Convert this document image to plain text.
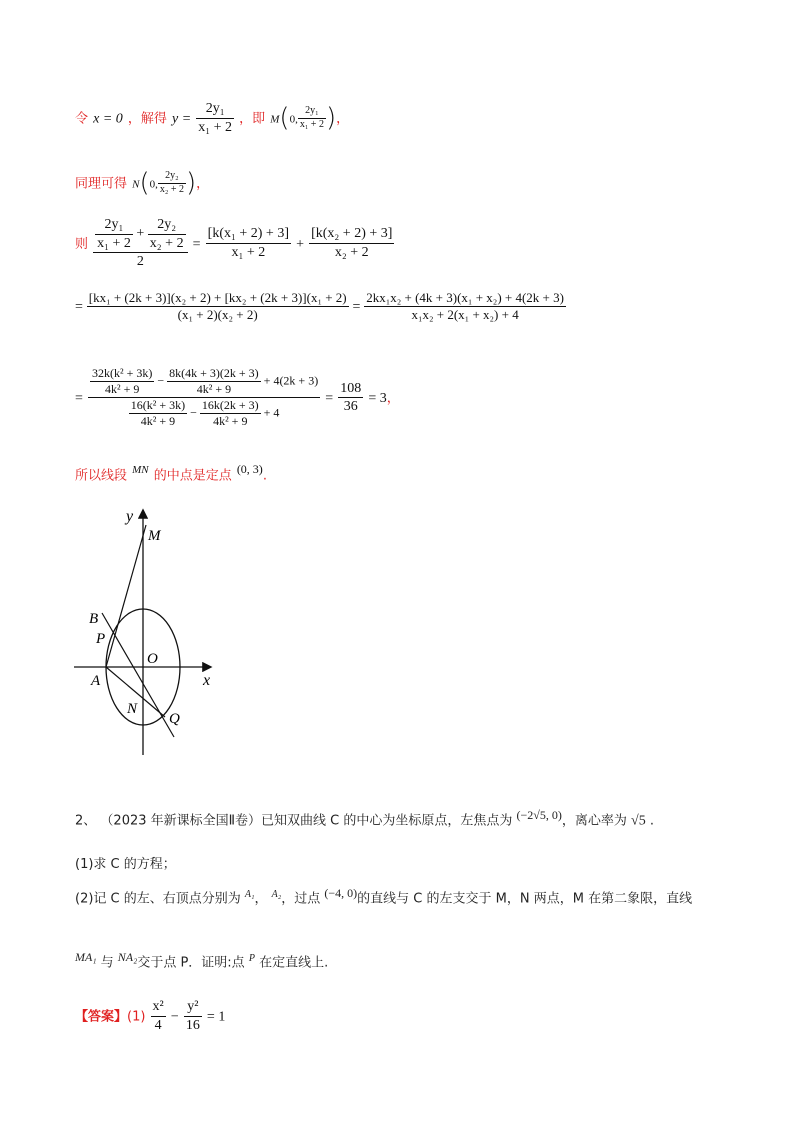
令 x = 0 ，解得 $y = \frac{\text{2y₁}}{\text{x₁ + 2}}$ ，即 M(0, $\frac{\text{2y₁}}{\text{x₁ + 2}}$ )，
同理可得 N(0, $\frac{\text{2y₂}}{\text{x₂ + 2}}$ )，
则 $\frac{\frac{\text{2y₁}}{\text{x₁ + 2}} + \frac{\text{2y₂}}{\text{x₂ + 2}}}{2} = \frac{\text{[k(x₁ + 2) + 3]}}{\text{x₁ + 2}} + \frac{\text{[k(x₂ + 2) + 3]}}{\text{x₂ + 2}}$
= $\frac{\text{[kx₁ + (2k + 3)](x₂ + 2) + [kx₂ + (2k + 3)](x₁ + 2)}}{\text{(x₁ + 2)(x₂ + 2)}} = \frac{\text{2kx₁x₂ + (4k + 3)(x₁ + x₂) + 4(2k + 3)}}{\text{x₁x₂ + 2(x₁ + x₂) + 4}}$
=
$\frac{\text{32k(k² + 3k)}}{\text{4k² + 9}} - \frac{8k(4k + 3)(2k + 3)}{\text{4k² + 9}} + 4(2k + 3)$
$\frac{\text{16(k² + 3k)}}{\text{4k² + 9}} - \frac{16k(2k + 3)}{\text{4k² + 9}} + 4$
= $\frac{108}{36} = 3$，
所以线段 $^{MN}$ 的中点是定点 $^{(0, 3)}$.
y
M
B
P
O
x
A
N
Q
2、 （2023 年新课标全国Ⅱ卷）已知双曲线 C 的中心为坐标原点，左焦点为 $^{(-2√5, 0)}$，离心率为 √5 .
(1)求 C 的方程；
(2)记 C 的左、右顶点分别为 $^{A_1}$， $^{A_2}$，过点 $^{(-4, 0)}$的直线与 C 的左支交于 M，N 两点，M 在第二象限，直线
$^{MA_1}$ 与 $^{NA_2}$交于点 P．证明:点 $^P$ 在定直线上.
【答案】$(1) \frac{\text{x²}}{4} - \frac{\text{y²}}{16} = 1$
